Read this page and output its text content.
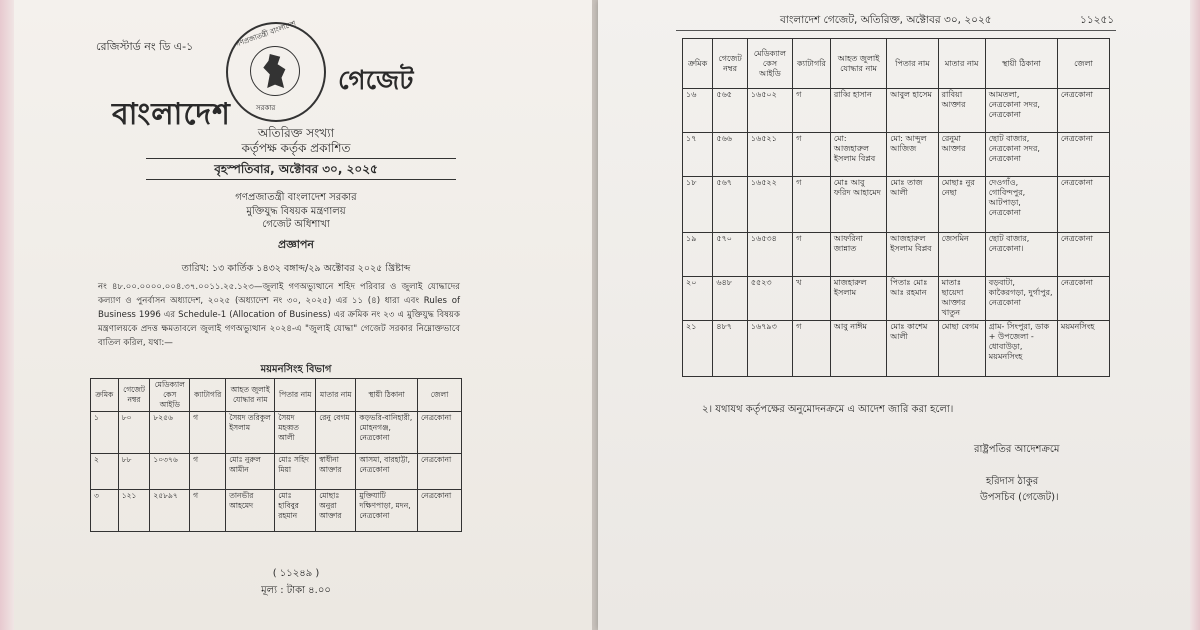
রেজিস্টার্ড নং ডি এ-১	গণপ্রজাতন্ত্রী বাংলাদেশ
সরকার
বাংলাদেশ
গেজেট
অতিরিক্ত সংখ্যা
কর্তৃপক্ষ কর্তৃক প্রকাশিত
বৃহস্পতিবার, অক্টোবর ৩০, ২০২৫
গণপ্রজাতন্ত্রী বাংলাদেশ সরকার
মুক্তিযুদ্ধ বিষয়ক মন্ত্রণালয়
গেজেট অধিশাখা
প্রজ্ঞাপন
তারিখ: ১৩ কার্তিক ১৪৩২ বঙ্গাব্দ/২৯ অক্টোবর ২০২৫ খ্রিষ্টাব্দ
নং ৪৮.০০.০০০০.০০৪.৩৭.০০১১.২৫.১২৩—জুলাই গণঅভ্যুত্থানে শহিদ পরিবার ও জুলাই যোদ্ধাদের কল্যাণ ও পুনর্বাসন অধ্যাদেশ, ২০২৫ (অধ্যাদেশ নং ৩০, ২০২৫) এর ১১ (৪) ধারা এবং Rules of Business 1996 এর Schedule-1 (Allocation of Business) এর ক্রমিক নং ২৩ এ মুক্তিযুদ্ধ বিষয়ক মন্ত্রণালয়কে প্রদত্ত ক্ষমতাবলে জুলাই গণঅভ্যুত্থান ২০২৪-এ "জুলাই যোদ্ধা" গেজেট সরকার নিম্নোক্তভাবে বাতিল করিল, যথা:—
ময়মনসিংহ বিভাগ
ক্রমিক	গেজেট নম্বর	মেডিক্যাল কেস আইডি	ক্যাটাগরি	আহত জুলাই যোদ্ধার নাম	পিতার নাম	মাতার নাম	স্থায়ী ঠিকানা	জেলা
১	৮০	৮২৫৬	গ	সৈয়দ তরিকুল ইসলাম	সৈয়দ মহব্বত আলী	রেনু বেগম	কড়ভরি-বানিহারী, মোহনগঞ্জ, নেত্রকোনা	নেত্রকোনা
২	৮৮	১০৩৭৬	গ	মোঃ নুরুল আমীন	মোঃ সহিদ মিয়া	স্বাধীনা আক্তার	আসমা, বারহাট্টা, নেত্রকোনা	নেত্রকোনা
৩	১২১	২৫৮৯৭	গ	তানভীর আহমেদ	মোঃ হাবিবুর রহমান	মোছাঃ অনুরা আক্তার	মুক্তিযাটি দক্ষিণপাড়া, মদন, নেত্রকোনা	নেত্রকোনা
( ১১২৪৯ )
মূল্য : টাকা ৪.০০
বাংলাদেশ গেজেট, অতিরিক্ত, অক্টোবর ৩০, ২০২৫	১১২৫১
ক্রমিক	গেজেট নম্বর	মেডিক্যাল কেস আইডি	ক্যাটাগরি	আহত জুলাই যোদ্ধার নাম	পিতার নাম	মাতার নাম	স্থায়ী ঠিকানা	জেলা
১৬	৫৬৫	১৬৫০২	গ	রাব্বি হাসান	আবুল হাসেম	রাবিয়া আক্তার	আমতলা, নেত্রকোনা সদর, নেত্রকোনা	নেত্রকোনা
১৭	৫৬৬	১৬৫২১	গ	মো: আজহারুল ইসলাম বিপ্লব	মো: আব্দুল আজিজ	রেনুমা আক্তার	ছোট বাজার, নেত্রকোনা সদর, নেত্রকোনা	নেত্রকোনা
১৮	৫৬৭	১৬৫২২	গ	মোঃ আবু ফরিদ আহামেদ	মোঃ তাজ আলী	মোছাঃ নুর নেছা	দেওগাঁও, গোবিন্দপুর, আটপাড়া, নেত্রকোনা	নেত্রকোনা
১৯	৫৭০	১৬৫৩৪	গ	আফরিনা জান্নাত	আজহারুল ইসলাম বিপ্লব	জেসমিন	ছোট বাজার, নেত্রকোনা।	নেত্রকোনা
২০	৬৪৮	৫৫২৩	খ	মাজহারুল ইসলাম	পিতাঃ মোঃ আঃ রহমান	মাতাঃ ছায়েদা আক্তার খাতুন	বড়বাটা, কাকৈরগড়া, দুর্গাপুর, নেত্রকোনা	নেত্রকোনা
২১	৪৮৭	১৬৭৯৩	গ	আবু নাঈম	মোঃ কাশেম আলী	মোছা বেগম	গ্রাম- সিংপুরা, ডাক + উপজেলা - ধোবাউড়া, ময়মনসিংহ	ময়মনসিংহ
২। যথাযথ কর্তৃপক্ষের অনুমোদনক্রমে এ আদেশ জারি করা হলো।
রাষ্ট্রপতির আদেশক্রমে
হরিদাস ঠাকুর
উপসচিব (গেজেট)।
